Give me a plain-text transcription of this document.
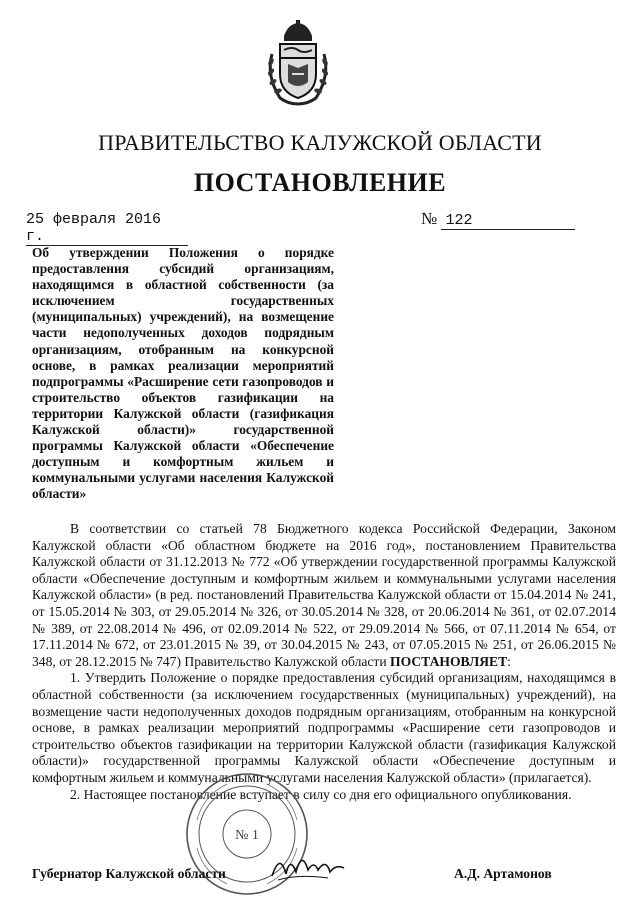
ПРАВИТЕЛЬСТВО КАЛУЖСКОЙ ОБЛАСТИ
ПОСТАНОВЛЕНИЕ
25 февраля 2016 г.
№ 122
Об утверждении Положения о порядке предоставления субсидий организациям, находящимся в областной собственности (за исключением государственных (муниципальных) учреждений), на возмещение части недополученных доходов подрядным организациям, отобранным на конкурсной основе, в рамках реализации мероприятий подпрограммы «Расширение сети газопроводов и строительство объектов газификации на территории Калужской области (газификация Калужской области)» государственной программы Калужской области «Обеспечение доступным и комфортным жильем и коммунальными услугами населения Калужской области»

В соответствии со статьей 78 Бюджетного кодекса Российской Федерации, Законом Калужской области «Об областном бюджете на 2016 год», постановлением Правительства Калужской области от 31.12.2013 № 772 «Об утверждении государственной программы Калужской области «Обеспечение доступным и комфортным жильем и коммунальными услугами населения Калужской области» (в ред. постановлений Правительства Калужской области от 15.04.2014 № 241, от 15.05.2014 № 303, от 29.05.2014 № 326, от 30.05.2014 № 328, от 20.06.2014 № 361, от 02.07.2014 № 389, от 22.08.2014 № 496, от 02.09.2014 № 522, от 29.09.2014 № 566, от 07.11.2014 № 654, от 17.11.2014 № 672, от 23.01.2015 № 39, от 30.04.2015 № 243, от 07.05.2015 № 251, от 26.06.2015 № 348, от 28.12.2015 № 747) Правительство Калужской области ПОСТАНОВЛЯЕТ:

1. Утвердить Положение о порядке предоставления субсидий организациям, находящимся в областной собственности (за исключением государственных (муниципальных) учреждений), на возмещение части недополученных доходов подрядным организациям, отобранным на конкурсной основе, в рамках реализации мероприятий подпрограммы «Расширение сети газопроводов и строительство объектов газификации на территории Калужской области (газификация Калужской области)» государственной программы Калужской области «Обеспечение доступным и комфортным жильем и коммунальными услугами населения Калужской области» (прилагается).

2. Настоящее постановление вступает в силу со дня его официального опубликования.

№ 1
Губернатор Калужской области	А.Д. Артамонов
